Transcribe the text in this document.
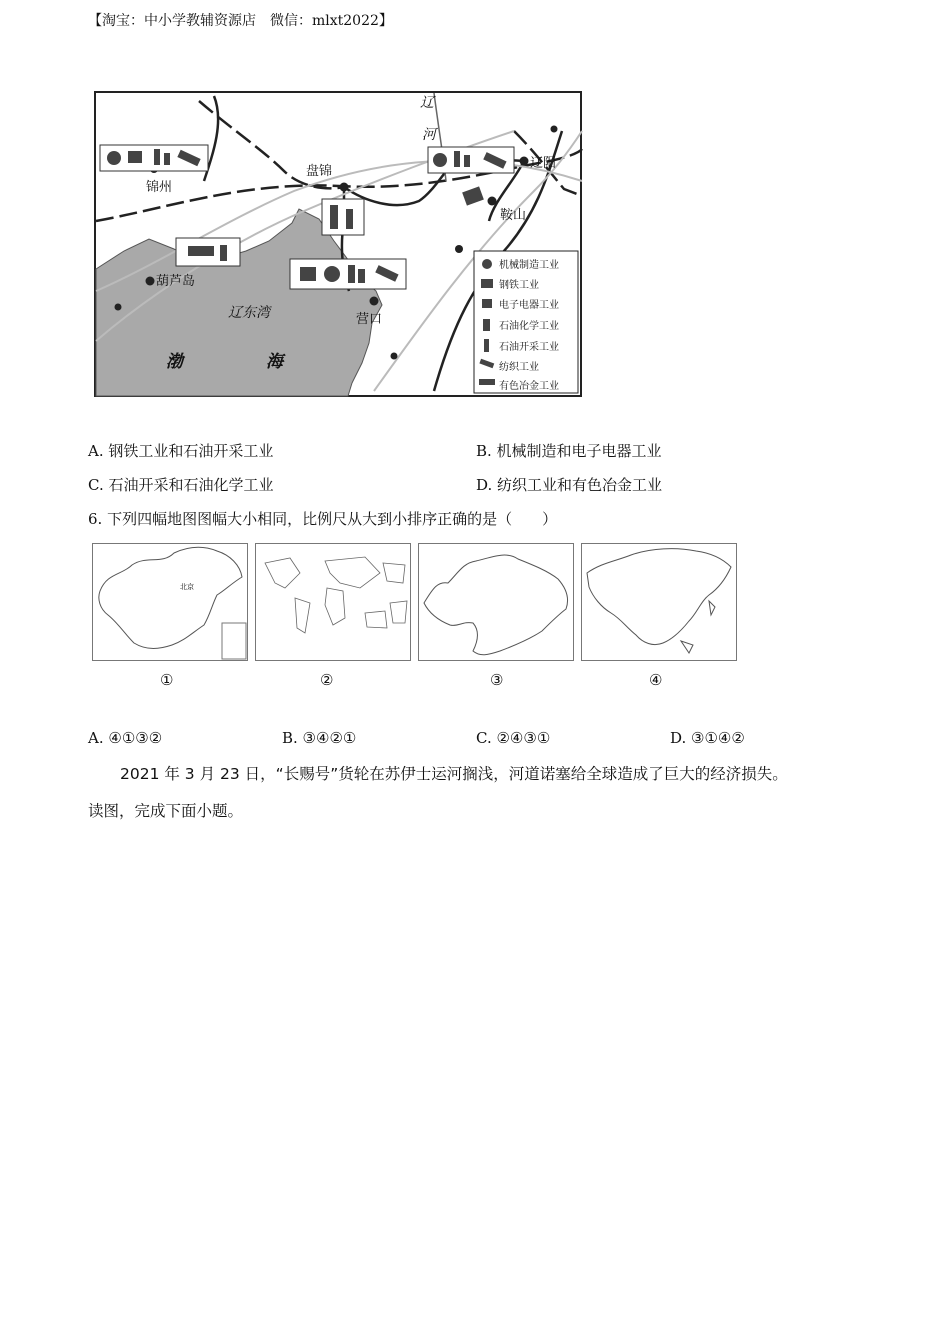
【淘宝：中小学教辅资源店　微信：mlxt2022】
锦州
盘锦
辽阳
鞍山
葫芦岛
营口
辽
河
辽东湾
渤	海
机械制造工业
钢铁工业
电子电器工业
石油化学工业
石油开采工业
纺织工业
有色冶金工业
A. 钢铁工业和石油开采工业	B. 机械制造和电子电器工业
C. 石油开采和石油化学工业	D. 纺织工业和有色冶金工业
6. 下列四幅地图图幅大小相同，比例尺从大到小排序正确的是（　　）
北京
①	②	③	④
A. ④①③②	B. ③④②①	C. ②④③①	D. ③①④②
2021 年 3 月 23 日，“长赐号”货轮在苏伊士运河搁浅，河道诺塞给全球造成了巨大的经济损失。
读图，完成下面小题。
